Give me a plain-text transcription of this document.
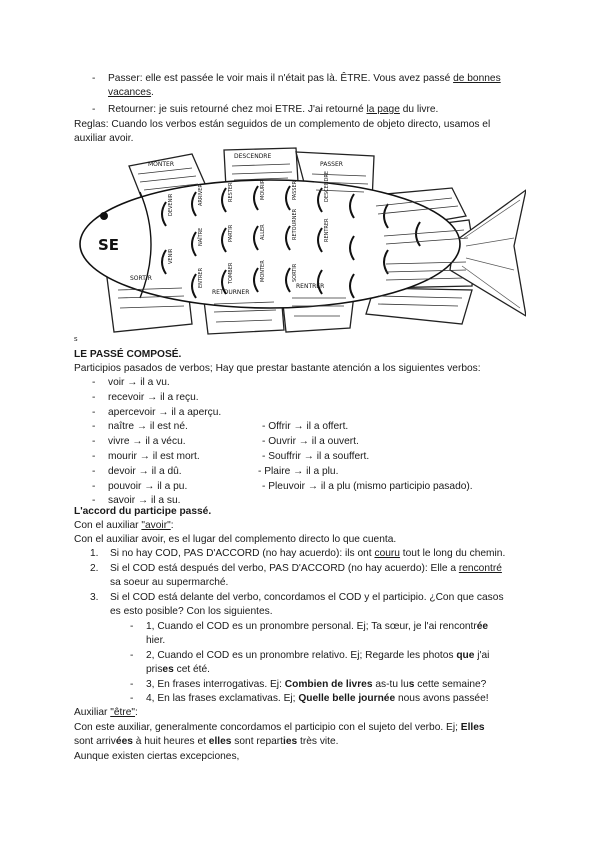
- Passer: elle est passée le voir mais il n'était pas là. ÊTRE. Vous avez passé de bonnes
vacances.
- Retourner: je suis retourné chez moi ETRE. J'ai retourné la page du livre.
Reglas: Cuando los verbos están seguidos de un complemento de objeto directo, usamos el
auxiliar avoir.
SE
MONTER
DESCENDRE
PASSER
SORTIR
RETOURNER
RENTRER
DEVENIR
VENIR
ARRIVER
NAÎTRE
ENTRER
RESTER
PARTIR
TOMBER
MOURIR
ALLER
MONTER
PASSER
RETOURNER
SORTIR
DESCENDRE
RENTRER
s
LE PASSÉ COMPOSÉ.
Participios pasados de verbos; Hay que prestar bastante atención a los siguientes verbos:
L'accord du participe passé.
Con el auxiliar "avoir":
Con el auxiliar avoir, es el lugar del complemento directo lo que cuenta.
1. Si no hay COD, PAS D'ACCORD (no hay acuerdo): ils ont couru tout le long du chemin.
2. Si el COD está después del verbo, PAS D'ACCORD (no hay acuerdo): Elle a rencontré
sa soeur au supermarché.
3. Si el COD está delante del verbo, concordamos el COD y el participio. ¿Con que casos
es esto posible? Con los siguientes.
- 1, Cuando el COD es un pronombre personal. Ej; Ta sœur, je l'ai rencontrée
hier.
- 2, Cuando el COD es un pronombre relativo. Ej; Regarde les photos que j'ai
prises cet été.
- 3, En frases interrogativas. Ej: Combien de livres as-tu lus cette semaine?
- 4, En las frases exclamativas. Ej; Quelle belle journée nous avons passée!
Auxiliar "être":
Con este auxiliar, generalmente concordamos el participio con el sujeto del verbo. Ej; Elles
sont arrivées à huit heures et elles sont reparties très vite.
Aunque existen ciertas excepciones,
- voir → il a vu.
- recevoir → il a reçu.
- apercevoir → il a aperçu.
- naître → il est né.
- vivre → il a vécu.
- mourir → il est mort.
- devoir → il a dû.
- pouvoir → il a pu.
- savoir → il a su.
- Offrir → il a offert.
- Ouvrir → il a ouvert.
- Souffrir → il a souffert.
- Plaire → il a plu.
- Pleuvoir → il a plu (mismo participio pasado).
